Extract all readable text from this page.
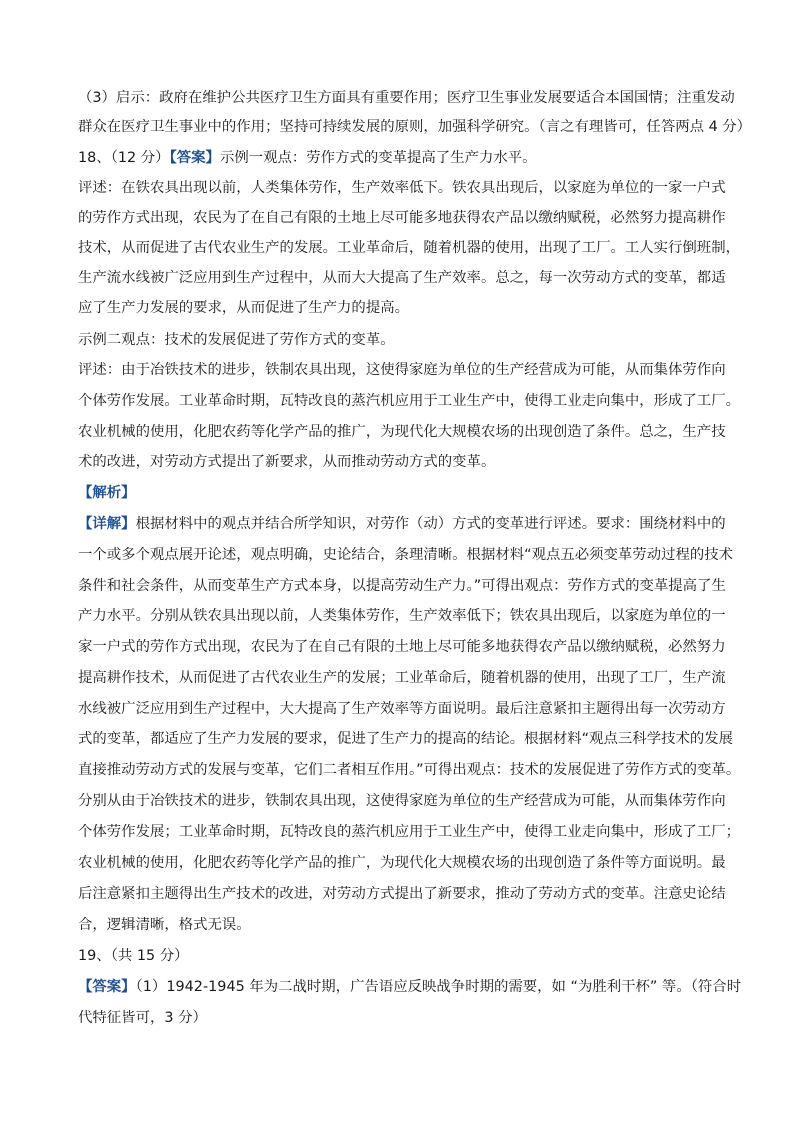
（3）启示：政府在维护公共医疗卫生方面具有重要作用；医疗卫生事业发展要适合本国国情；注重发动
群众在医疗卫生事业中的作用；坚持可持续发展的原则，加强科学研究。（言之有理皆可，任答两点 4 分）
18、（12 分）【答案】示例一观点：劳作方式的变革提高了生产力水平。
评述：在铁农具出现以前，人类集体劳作，生产效率低下。铁农具出现后，以家庭为单位的一家一户式
的劳作方式出现，农民为了在自己有限的土地上尽可能多地获得农产品以缴纳赋税，必然努力提高耕作
技术，从而促进了古代农业生产的发展。工业革命后，随着机器的使用，出现了工厂。工人实行倒班制，
生产流水线被广泛应用到生产过程中，从而大大提高了生产效率。总之，每一次劳动方式的变革，都适
应了生产力发展的要求，从而促进了生产力的提高。
示例二观点：技术的发展促进了劳作方式的变革。
评述：由于冶铁技术的进步，铁制农具出现，这使得家庭为单位的生产经营成为可能，从而集体劳作向
个体劳作发展。工业革命时期，瓦特改良的蒸汽机应用于工业生产中，使得工业走向集中，形成了工厂。
农业机械的使用，化肥农药等化学产品的推广，为现代化大规模农场的出现创造了条件。总之，生产技
术的改进，对劳动方式提出了新要求，从而推动劳动方式的变革。
【解析】
【详解】根据材料中的观点并结合所学知识，对劳作（动）方式的变革进行评述。要求：围绕材料中的
一个或多个观点展开论述，观点明确，史论结合，条理清晰。根据材料“观点五必须变革劳动过程的技术
条件和社会条件，从而变革生产方式本身，以提高劳动生产力。”可得出观点：劳作方式的变革提高了生
产力水平。分别从铁农具出现以前，人类集体劳作，生产效率低下；铁农具出现后，以家庭为单位的一
家一户式的劳作方式出现，农民为了在自己有限的土地上尽可能多地获得农产品以缴纳赋税，必然努力
提高耕作技术，从而促进了古代农业生产的发展；工业革命后，随着机器的使用，出现了工厂，生产流
水线被广泛应用到生产过程中，大大提高了生产效率等方面说明。最后注意紧扣主题得出每一次劳动方
式的变革，都适应了生产力发展的要求，促进了生产力的提高的结论。根据材料“观点三科学技术的发展
直接推动劳动方式的发展与变革，它们二者相互作用。”可得出观点：技术的发展促进了劳作方式的变革。
分别从由于冶铁技术的进步，铁制农具出现，这使得家庭为单位的生产经营成为可能，从而集体劳作向
个体劳作发展；工业革命时期，瓦特改良的蒸汽机应用于工业生产中，使得工业走向集中，形成了工厂；
农业机械的使用，化肥农药等化学产品的推广，为现代化大规模农场的出现创造了条件等方面说明。最
后注意紧扣主题得出生产技术的改进，对劳动方式提出了新要求，推动了劳动方式的变革。注意史论结
合，逻辑清晰，格式无误。
19、（共 15 分）
【答案】（1）1942-1945 年为二战时期，广告语应反映战争时期的需要，如 “为胜利干杯” 等。（符合时
代特征皆可，3 分）
